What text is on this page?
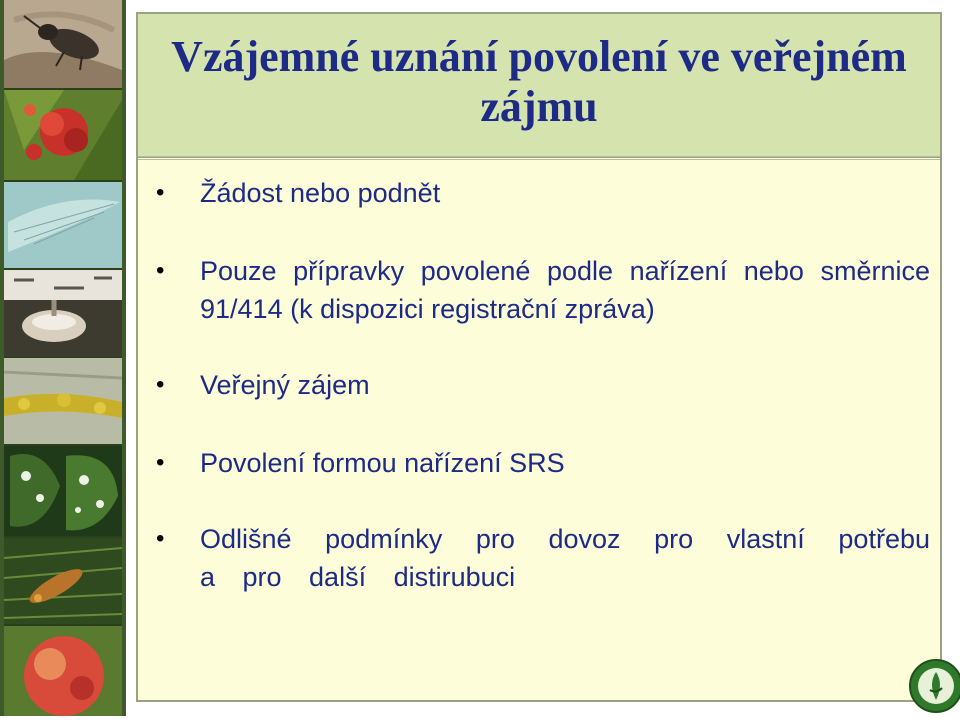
Vzájemné uznání povolení ve veřejném zájmu
•	Žádost nebo podnět
•	Pouze přípravky povolené podle nařízení nebo směrnice 91/414 (k dispozici registrační zpráva)
•	Veřejný zájem
•	Povolení formou nařízení SRS
•	Odlišné podmínky pro dovoz pro vlastní potřebu a pro další distirubuci
